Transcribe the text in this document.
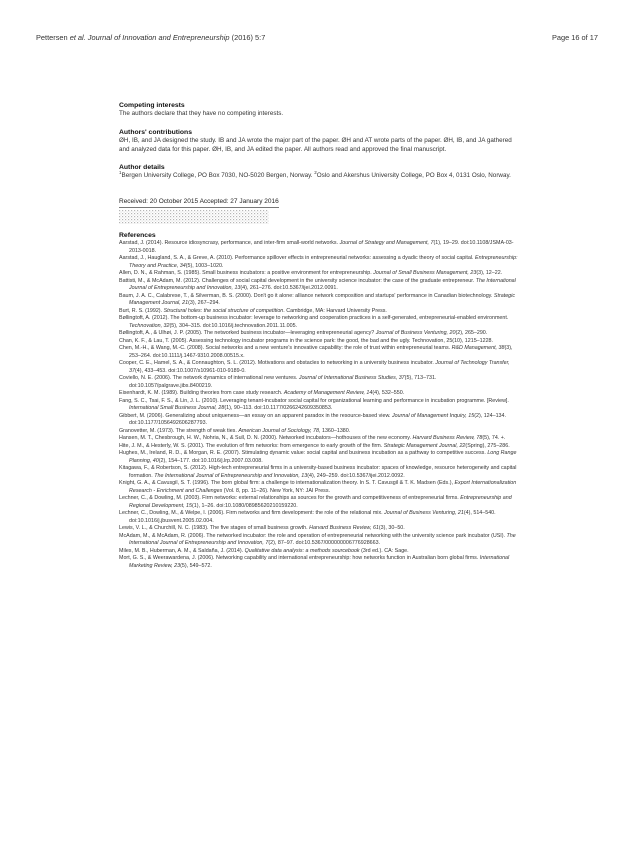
Pettersen et al. Journal of Innovation and Entrepreneurship (2016) 5:7	Page 16 of 17
Competing interests

The authors declare that they have no competing interests.

Authors' contributions

ØH, IB, and JA designed the study. IB and JA wrote the major part of the paper. ØH and AT wrote parts of the paper. ØH, IB, and JA gathered and analyzed data for this paper. ØH, IB, and JA edited the paper. All authors read and approved the final manuscript.

Author details

$^1$Bergen University College, PO Box 7030, NO-5020 Bergen, Norway. $^2$Oslo and Akershus University College, PO Box 4, 0131 Oslo, Norway.

Received: 20 October 2015 Accepted: 27 January 2016

References
Aarstad, J. (2014). Resource idiosyncrasy, performance, and inter-firm small-world networks. Journal of Strategy and Management, 7(1), 19–29. doi:10.1108/JSMA-03-2013-0018.
Aarstad, J., Haugland, S. A., & Greve, A. (2010). Performance spillover effects in entrepreneurial networks: assessing a dyadic theory of social capital. Entrepreneurship: Theory and Practice, 34(5), 1003–1020.
Allen, D. N., & Rahman, S. (1985). Small business incubators: a positive environment for entrepreneurship. Journal of Small Business Management, 23(3), 12–22.
Battisti, M., & McAdam, M. (2012). Challenges of social capital development in the university science incubator: the case of the graduate entrepreneur. The International Journal of Entrepreneurship and Innovation, 13(4), 261–276. doi:10.5367/ijei.2012.0091.
Baum, J. A. C., Calabrese, T., & Silverman, B. S. (2000). Don't go it alone: alliance network composition and startups' performance in Canadian biotechnology. Strategic Management Journal, 21(3), 267–294.
Burt, R. S. (1992). Structural holes: the social structure of competition. Cambridge, MA: Harvard University Press.
Bøllingtoft, A. (2012). The bottom-up business incubator: leverage to networking and cooperation practices in a self-generated, entrepreneurial-enabled environment. Technovation, 32(5), 304–315. doi:10.1016/j.technovation.2011.11.005.
Bøllingtoft, A., & Ulhøi, J. P. (2005). The networked business incubator—leveraging entrepreneurial agency? Journal of Business Venturing, 20(2), 265–290.
Chan, K. F., & Lau, T. (2005). Assessing technology incubator programs in the science park: the good, the bad and the ugly. Technovation, 25(10), 1215–1228.
Chen, M.-H., & Wang, M.-C. (2008). Social networks and a new venture's innovative capability: the role of trust within entrepreneurial teams. R&D Management, 38(3), 253–264. doi:10.1111/j.1467-9310.2008.00515.x.
Cooper, C. E., Hamel, S. A., & Connaughton, S. L. (2012). Motivations and obstacles to networking in a university business incubator. Journal of Technology Transfer, 37(4), 433–453. doi:10.1007/s10961-010-9189-0.
Coviello, N. E. (2006). The network dynamics of international new ventures. Journal of International Business Studies, 37(5), 713–731. doi:10.1057/palgrave.jibs.8400219.
Eisenhardt, K. M. (1989). Building theories from case study research. Academy of Management Review, 14(4), 532–550.
Fang, S. C., Tsai, F. S., & Lin, J. L. (2010). Leveraging tenant-incubator social capital for organizational learning and performance in incubation programme. [Review]. International Small Business Journal, 28(1), 90–113. doi:10.1177/0266242609350853.
Gibbert, M. (2006). Generalizing about uniqueness—an essay on an apparent paradox in the resource-based view. Journal of Management Inquiry, 15(2), 124–134. doi:10.1177/1056492606287793.
Granovetter, M. (1973). The strength of weak ties. American Journal of Sociology, 78, 1360–1380.
Hansen, M. T., Chesbrough, H. W., Nohria, N., & Sull, D. N. (2000). Networked incubators—hothouses of the new economy. Harvard Business Review, 78(5), 74. +.
Hite, J. M., & Hesterly, W. S. (2001). The evolution of firm networks: from emergence to early growth of the firm. Strategic Management Journal, 22(Spring), 275–286.
Hughes, M., Ireland, R. D., & Morgan, R. E. (2007). Stimulating dynamic value: social capital and business incubation as a pathway to competitive success. Long Range Planning, 40(2), 154–177. doi:10.1016/j.lrp.2007.03.008.
Kitagawa, F., & Robertson, S. (2012). High-tech entrepreneurial firms in a university-based business incubator: spaces of knowledge, resource heterogeneity and capital formation. The International Journal of Entrepreneurship and Innovation, 13(4), 249–259. doi:10.5367/ijei.2012.0092.
Knight, G. A., & Cavusgil, S. T. (1996). The born global firm: a challenge to internationalization theory. In S. T. Cavusgil & T. K. Madsen (Eds.), Export Internationalization Research - Enrichment and Challenges (Vol. 8, pp. 11–26). New York, NY: JAI Press.
Lechner, C., & Dowling, M. (2003). Firm networks: external relationships as sources for the growth and competitiveness of entrepreneurial firms. Entrepreneurship and Regional Development, 15(1), 1–26. doi:10.1080/08985620210159220.
Lechner, C., Dowling, M., & Welpe, I. (2006). Firm networks and firm development: the role of the relational mix. Journal of Business Venturing, 21(4), 514–540. doi:10.1016/j.jbusvent.2005.02.004.
Lewis, V. L., & Churchill, N. C. (1983). The five stages of small business growth. Harvard Business Review, 61(3), 30–50.
McAdam, M., & McAdam, R. (2006). The networked incubator: the role and operation of entrepreneurial networking with the university science park incubator (USI). The International Journal of Entrepreneurship and Innovation, 7(2), 87–97. doi:10.5367/000000006776928663.
Miles, M. B., Huberman, A. M., & Saldaña, J. (2014). Qualitative data analysis: a methods sourcebook (3rd ed.). CA: Sage.
Mort, G. S., & Weerawardena, J. (2006). Networking capability and international entrepreneurship: how networks function in Australian born global firms. International Marketing Review, 23(5), 549–572.
